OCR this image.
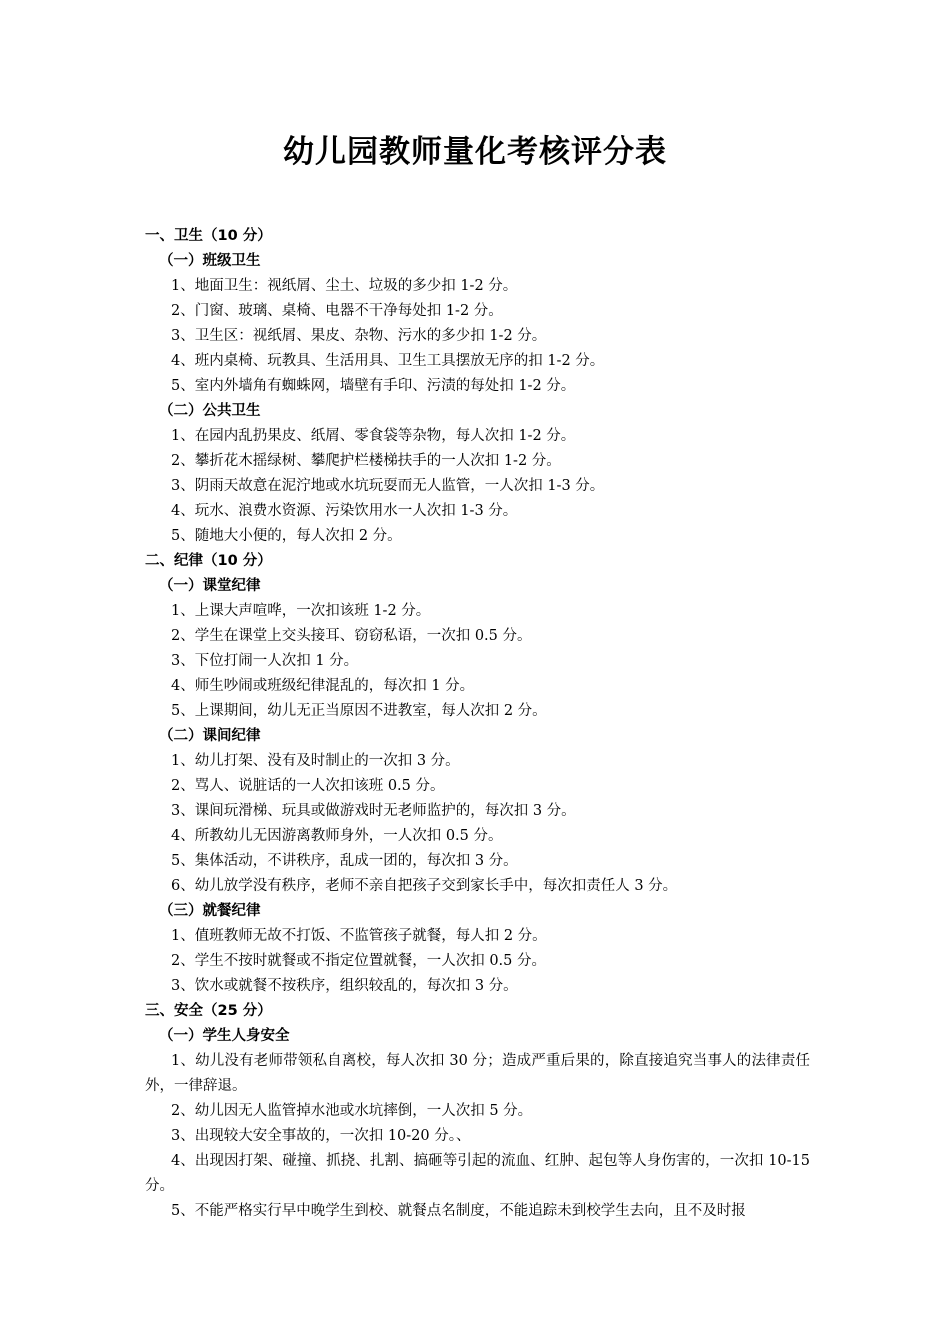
幼儿园教师量化考核评分表
一、卫生（10 分）
（一）班级卫生
1、地面卫生：视纸屑、尘土、垃圾的多少扣 1-2 分。
2、门窗、玻璃、桌椅、电器不干净每处扣 1-2 分。
3、卫生区：视纸屑、果皮、杂物、污水的多少扣 1-2 分。
4、班内桌椅、玩教具、生活用具、卫生工具摆放无序的扣 1-2 分。
5、室内外墙角有蜘蛛网，墙壁有手印、污渍的每处扣 1-2 分。
（二）公共卫生
1、在园内乱扔果皮、纸屑、零食袋等杂物，每人次扣 1-2 分。
2、攀折花木摇绿树、攀爬护栏楼梯扶手的一人次扣 1-2 分。
3、阴雨天故意在泥泞地或水坑玩耍而无人监管，一人次扣 1-3 分。
4、玩水、浪费水资源、污染饮用水一人次扣 1-3 分。
5、随地大小便的，每人次扣 2 分。
二、纪律（10 分）
（一）课堂纪律
1、上课大声喧哗，一次扣该班 1-2 分。
2、学生在课堂上交头接耳、窃窃私语，一次扣 0.5 分。
3、下位打闹一人次扣 1 分。
4、师生吵闹或班级纪律混乱的，每次扣 1 分。
5、上课期间，幼儿无正当原因不进教室，每人次扣 2 分。
（二）课间纪律
1、幼儿打架、没有及时制止的一次扣 3 分。
2、骂人、说脏话的一人次扣该班 0.5 分。
3、课间玩滑梯、玩具或做游戏时无老师监护的，每次扣 3 分。
4、所教幼儿无因游离教师身外，一人次扣 0.5 分。
5、集体活动，不讲秩序，乱成一团的，每次扣 3 分。
6、幼儿放学没有秩序，老师不亲自把孩子交到家长手中，每次扣责任人 3 分。
（三）就餐纪律
1、值班教师无故不打饭、不监管孩子就餐，每人扣 2 分。
2、学生不按时就餐或不指定位置就餐，一人次扣 0.5 分。
3、饮水或就餐不按秩序，组织较乱的，每次扣 3 分。
三、安全（25 分）
（一）学生人身安全
1、幼儿没有老师带领私自离校，每人次扣 30 分；造成严重后果的，除直接追究当事人的法律责任外，一律辞退。
2、幼儿因无人监管掉水池或水坑摔倒，一人次扣 5 分。
3、出现较大安全事故的，一次扣 10-20 分。、
4、出现因打架、碰撞、抓挠、扎割、搞砸等引起的流血、红肿、起包等人身伤害的，一次扣 10-15 分。
5、不能严格实行早中晚学生到校、就餐点名制度，不能追踪未到校学生去向，且不及时报
